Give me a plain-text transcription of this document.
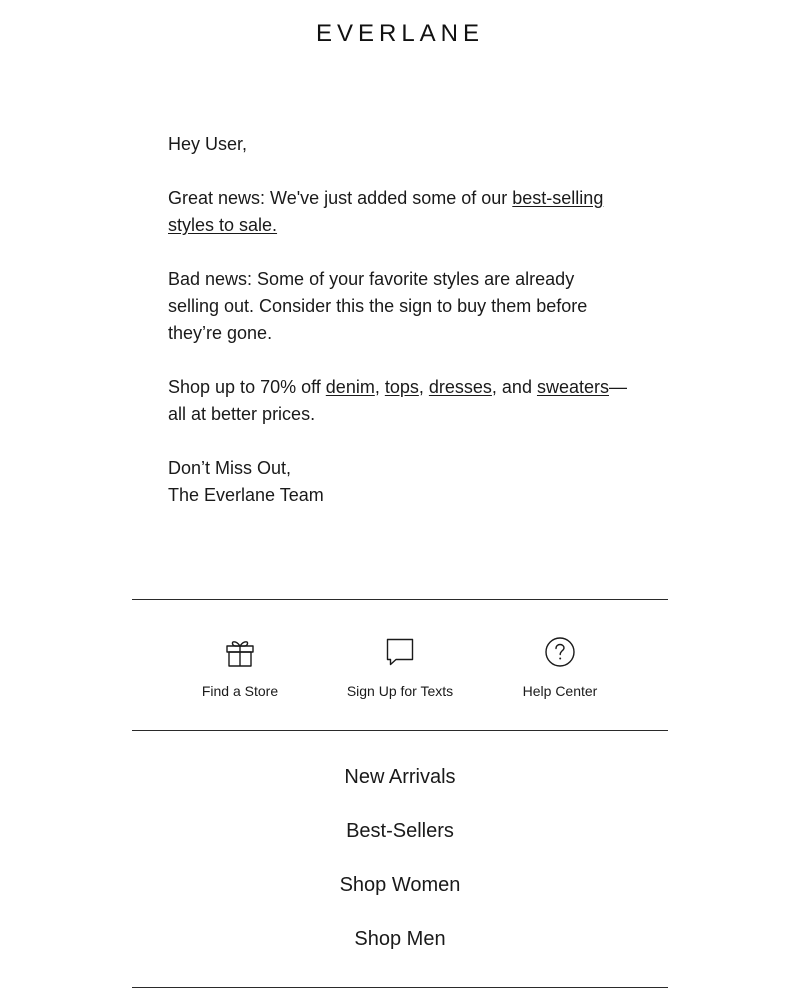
EVERLANE

Hey User,

Great news: We've just added some of our best-selling styles to sale.

Bad news: Some of your favorite styles are already selling out. Consider this the sign to buy them before they’re gone.

Shop up to 70% off denim, tops, dresses, and sweaters—all at better prices.

Don’t Miss Out,

The Everlane Team

Find a Store	Sign Up for Texts	Help Center
New Arrivals
Best-Sellers
Shop Women
Shop Men
